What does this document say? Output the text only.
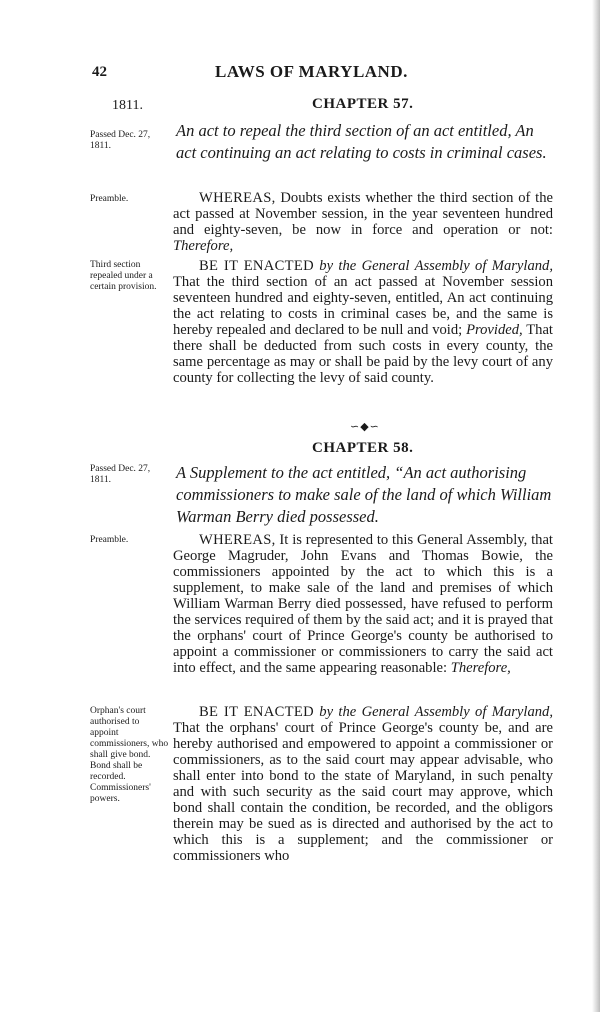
42	LAWS OF MARYLAND.
1811.	CHAPTER 57.
Passed Dec. 27, 1811.
An act to repeal the third section of an act entitled, An act continuing an act relating to costs in criminal cases.
Preamble.	WHEREAS, Doubts exists whether the third section of the act passed at November session, in the year seventeen hundred and eighty-seven, be now in force and operation or not: Therefore,

Third section repealed under a certain provision.

BE IT ENACTED by the General Assembly of Maryland, That the third section of an act passed at November session seventeen hundred and eighty-seven, entitled, An act continuing the act relating to costs in criminal cases be, and the same is hereby repealed and declared to be null and void; Provided, That there shall be deducted from such costs in every county, the same percentage as may or shall be paid by the levy court of any county for collecting the levy of said county.

∽◆∽
CHAPTER 58.
Passed Dec. 27, 1811.	A Supplement to the act entitled, “An act authorising commissioners to make sale of the land of which William Warman Berry died possessed.
Preamble.	WHEREAS, It is represented to this General Assembly, that George Magruder, John Evans and Thomas Bowie, the commissioners appointed by the act to which this is a supplement, to make sale of the land and premises of which William Warman Berry died possessed, have refused to perform the services required of them by the said act; and it is prayed that the orphans' court of Prince George's county be authorised to appoint a commissioner or commissioners to carry the said act into effect, and the same appearing reasonable: Therefore,

Orphan's court authorised to appoint commissioners, who shall give bond. Bond shall be recorded. Commissioners' powers.

BE IT ENACTED by the General Assembly of Maryland, That the orphans' court of Prince George's county be, and are hereby authorised and empowered to appoint a commissioner or commissioners, as to the said court may appear advisable, who shall enter into bond to the state of Maryland, in such penalty and with such security as the said court may approve, which bond shall contain the condition, be recorded, and the obligors therein may be sued as is directed and authorised by the act to which this is a supplement; and the commissioner or commissioners who
